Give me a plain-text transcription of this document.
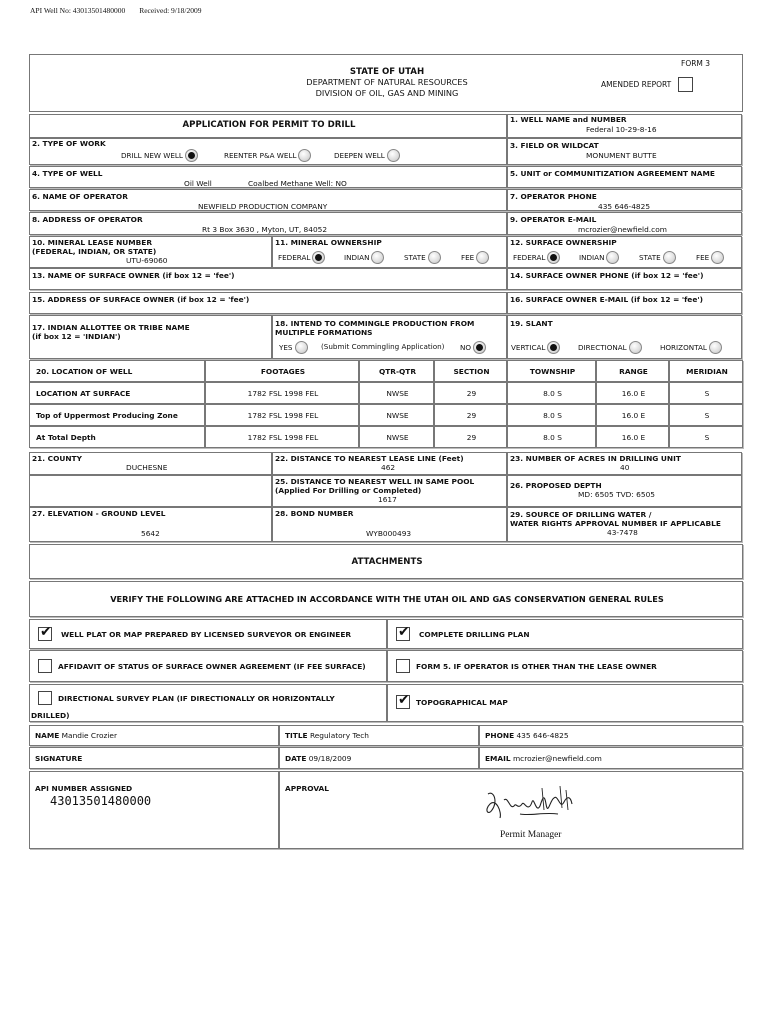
API Well No: 43013501480000 Received: 9/18/2009
STATE OF UTAH
DEPARTMENT OF NATURAL RESOURCES
DIVISION OF OIL, GAS AND MINING
FORM 3
AMENDED REPORT
APPLICATION FOR PERMIT TO DRILL
1. WELL NAME and NUMBER
Federal 10-29-8-16
2. TYPE OF WORK
DRILL NEW WELL	REENTER P&A WELL	DEEPEN WELL
3. FIELD OR WILDCAT
MONUMENT BUTTE
4. TYPE OF WELL
Oil Well	Coalbed Methane Well: NO
5. UNIT or COMMUNITIZATION AGREEMENT NAME
6. NAME OF OPERATOR
NEWFIELD PRODUCTION COMPANY
7. OPERATOR PHONE
435 646-4825
8. ADDRESS OF OPERATOR
Rt 3 Box 3630 , Myton, UT, 84052
9. OPERATOR E-MAIL
mcrozier@newfield.com
10. MINERAL LEASE NUMBER
(FEDERAL, INDIAN, OR STATE)
UTU-69060
11. MINERAL OWNERSHIP
FEDERAL	INDIAN	STATE	FEE
12. SURFACE OWNERSHIP
FEDERAL	INDIAN	STATE	FEE
13. NAME OF SURFACE OWNER (if box 12 = 'fee')	14. SURFACE OWNER PHONE (if box 12 = 'fee')
15. ADDRESS OF SURFACE OWNER (if box 12 = 'fee')	16. SURFACE OWNER E-MAIL (if box 12 = 'fee')
17. INDIAN ALLOTTEE OR TRIBE NAME
(if box 12 = 'INDIAN')
18. INTEND TO COMMINGLE PRODUCTION FROM
MULTIPLE FORMATIONS
YES	(Submit Commingling Application) NO
19. SLANT
VERTICAL	DIRECTIONAL	HORIZONTAL
20. LOCATION OF WELL	FOOTAGES	QTR-QTR	SECTION	TOWNSHIP	RANGE	MERIDIAN
LOCATION AT SURFACE	1782 FSL 1998 FEL	NWSE	29	8.0 S	16.0 E	S
Top of Uppermost Producing Zone	1782 FSL 1998 FEL	NWSE	29	8.0 S	16.0 E	S
At Total Depth	1782 FSL 1998 FEL	NWSE	29	8.0 S	16.0 E	S
21. COUNTY
DUCHESNE
22. DISTANCE TO NEAREST LEASE LINE (Feet)
462
23. NUMBER OF ACRES IN DRILLING UNIT
40
25. DISTANCE TO NEAREST WELL IN SAME POOL
(Applied For Drilling or Completed)
1617
26. PROPOSED DEPTH
MD: 6505 TVD: 6505
27. ELEVATION - GROUND LEVEL
5642
28. BOND NUMBER
WYB000493
29. SOURCE OF DRILLING WATER /
WATER RIGHTS APPROVAL NUMBER IF APPLICABLE
43-7478
ATTACHMENTS
VERIFY THE FOLLOWING ARE ATTACHED IN ACCORDANCE WITH THE UTAH OIL AND GAS CONSERVATION GENERAL RULES
✔ WELL PLAT OR MAP PREPARED BY LICENSED SURVEYOR OR ENGINEER	✔ COMPLETE DRILLING PLAN
AFFIDAVIT OF STATUS OF SURFACE OWNER AGREEMENT (IF FEE SURFACE)	FORM 5. IF OPERATOR IS OTHER THAN THE LEASE OWNER
DIRECTIONAL SURVEY PLAN (IF DIRECTIONALLY OR HORIZONTALLY
DRILLED)
✔ TOPOGRAPHICAL MAP
NAME Mandie Crozier	TITLE Regulatory Tech	PHONE 435 646-4825
SIGNATURE	DATE 09/18/2009	EMAIL mcrozier@newfield.com
API NUMBER ASSIGNED
43013501480000
APPROVAL
Permit Manager
